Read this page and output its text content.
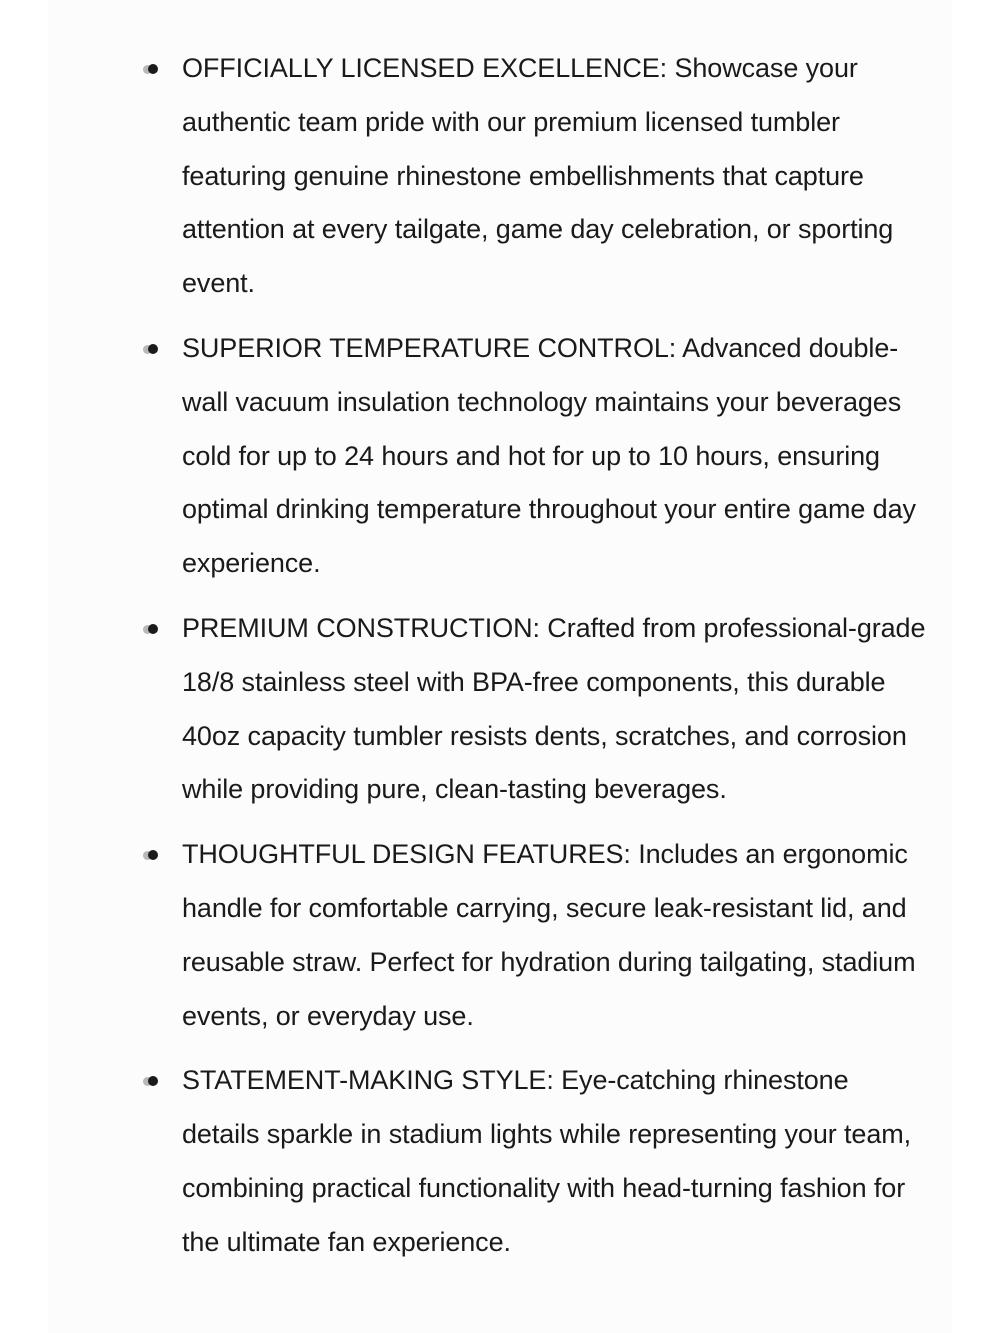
OFFICIALLY LICENSED EXCELLENCE: Showcase your authentic team pride with our premium licensed tumbler featuring genuine rhinestone embellishments that capture attention at every tailgate, game day celebration, or sporting event.
SUPERIOR TEMPERATURE CONTROL: Advanced double-wall vacuum insulation technology maintains your beverages cold for up to 24 hours and hot for up to 10 hours, ensuring optimal drinking temperature throughout your entire game day experience.
PREMIUM CONSTRUCTION: Crafted from professional-grade 18/8 stainless steel with BPA-free components, this durable 40oz capacity tumbler resists dents, scratches, and corrosion while providing pure, clean-tasting beverages.
THOUGHTFUL DESIGN FEATURES: Includes an ergonomic handle for comfortable carrying, secure leak-resistant lid, and reusable straw. Perfect for hydration during tailgating, stadium events, or everyday use.
STATEMENT-MAKING STYLE: Eye-catching rhinestone details sparkle in stadium lights while representing your team, combining practical functionality with head-turning fashion for the ultimate fan experience.
